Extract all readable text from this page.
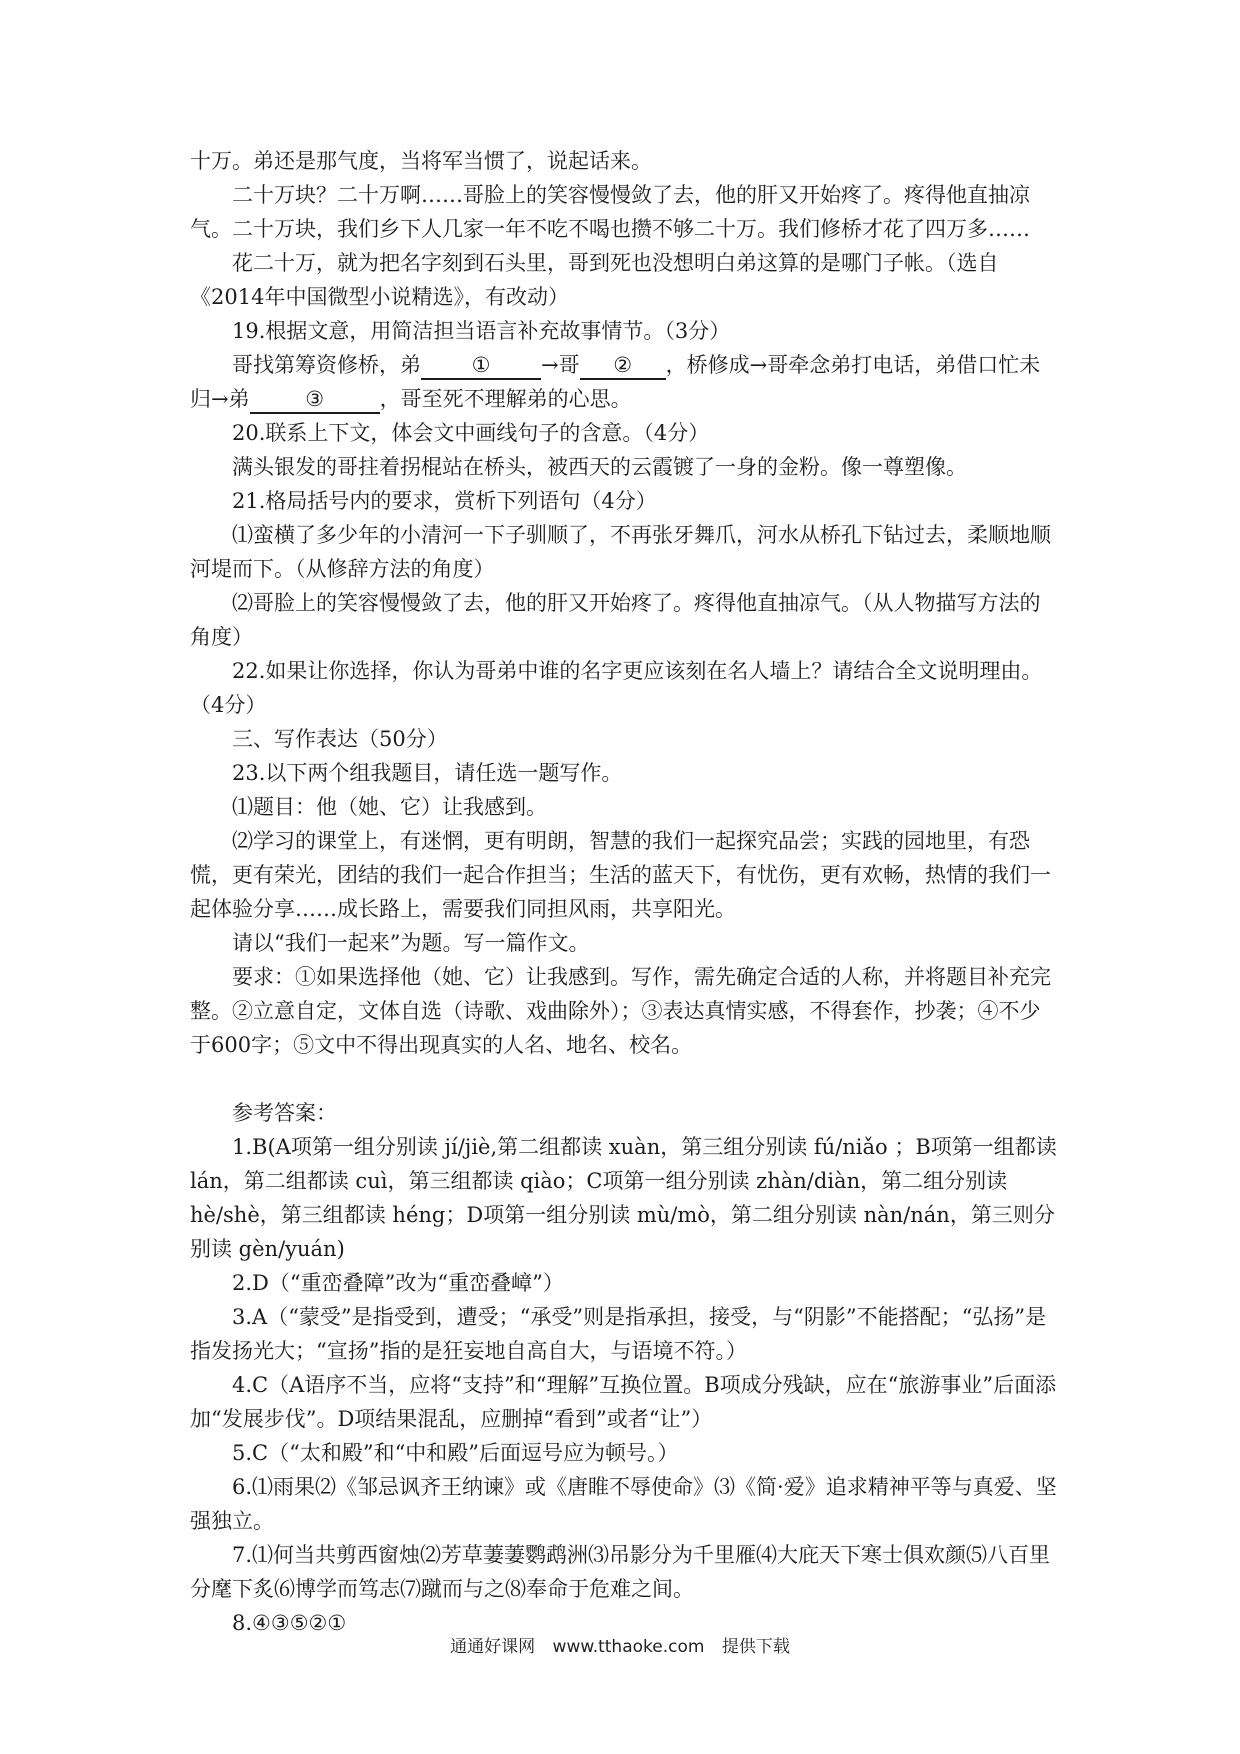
十万。弟还是那气度，当将军当惯了，说起话来。

二十万块？二十万啊……哥脸上的笑容慢慢敛了去，他的肝又开始疼了。疼得他直抽凉气。二十万块，我们乡下人几家一年不吃不喝也攒不够二十万。我们修桥才花了四万多……

花二十万，就为把名字刻到石头里，哥到死也没想明白弟这算的是哪门子帐。（选自《2014年中国微型小说精选》，有改动）

19.根据文意，用简洁担当语言补充故事情节。（3分）

哥找第筹资修桥，弟 ① →哥 ② ，桥修成→哥牵念弟打电话，弟借口忙未归→弟	③	，哥至死不理解弟的心思。

20.联系上下文，体会文中画线句子的含意。（4分）

满头银发的哥拄着拐棍站在桥头，被西天的云霞镀了一身的金粉。像一尊塑像。

21.格局括号内的要求，赏析下列语句（4分）

⑴蛮横了多少年的小清河一下子驯顺了，不再张牙舞爪，河水从桥孔下钻过去，柔顺地顺河堤而下。（从修辞方法的角度）

⑵哥脸上的笑容慢慢敛了去，他的肝又开始疼了。疼得他直抽凉气。（从人物描写方法的角度）

22.如果让你选择，你认为哥弟中谁的名字更应该刻在名人墙上？请结合全文说明理由。（4分）

三、写作表达（50分）

23.以下两个组我题目，请任选一题写作。

⑴题目：他（她、它）让我感到。

⑵学习的课堂上，有迷惘，更有明朗，智慧的我们一起探究品尝；实践的园地里，有恐慌，更有荣光，团结的我们一起合作担当；生活的蓝天下，有忧伤，更有欢畅，热情的我们一起体验分享……成长路上，需要我们同担风雨，共享阳光。

请以“我们一起来”为题。写一篇作文。

要求：①如果选择他（她、它）让我感到。写作，需先确定合适的人称，并将题目补充完整。②立意自定，文体自选（诗歌、戏曲除外）；③表达真情实感，不得套作，抄袭；④不少于600字；⑤文中不得出现真实的人名、地名、校名。

参考答案：

1.B(A项第一组分别读 jí/jiè,第二组都读 xuàn，第三组分别读 fú/niǎo ；B项第一组都读 lán，第二组都读 cuì，第三组都读 qiào；C项第一组分别读 zhàn/diàn，第二组分别读 hè/shè，第三组都读 héng；D项第一组分别读 mù/mò，第二组分别读 nàn/nán，第三则分别读 gèn/yuán)

2.D（“重峦叠障”改为“重峦叠嶂”）

3.A（“蒙受”是指受到，遭受；“承受”则是指承担，接受，与“阴影”不能搭配；“弘扬”是指发扬光大；“宣扬”指的是狂妄地自高自大，与语境不符。）

4.C（A语序不当，应将“支持”和“理解”互换位置。B项成分残缺，应在“旅游事业”后面添加“发展步伐”。D项结果混乱，应删掉“看到”或者“让”）

5.C（“太和殿”和“中和殿”后面逗号应为顿号。）

6.⑴雨果⑵《邹忌讽齐王纳谏》或《唐睢不辱使命》⑶《简·爱》追求精神平等与真爱、坚强独立。

7.⑴何当共剪西窗烛⑵芳草萋萋鹦鹉洲⑶吊影分为千里雁⑷大庇天下寒士俱欢颜⑸八百里分麾下炙⑹博学而笃志⑺蹴而与之⑻奉命于危难之间。

8.④③⑤②①

通通好课网 www.tthaoke.com 提供下载
